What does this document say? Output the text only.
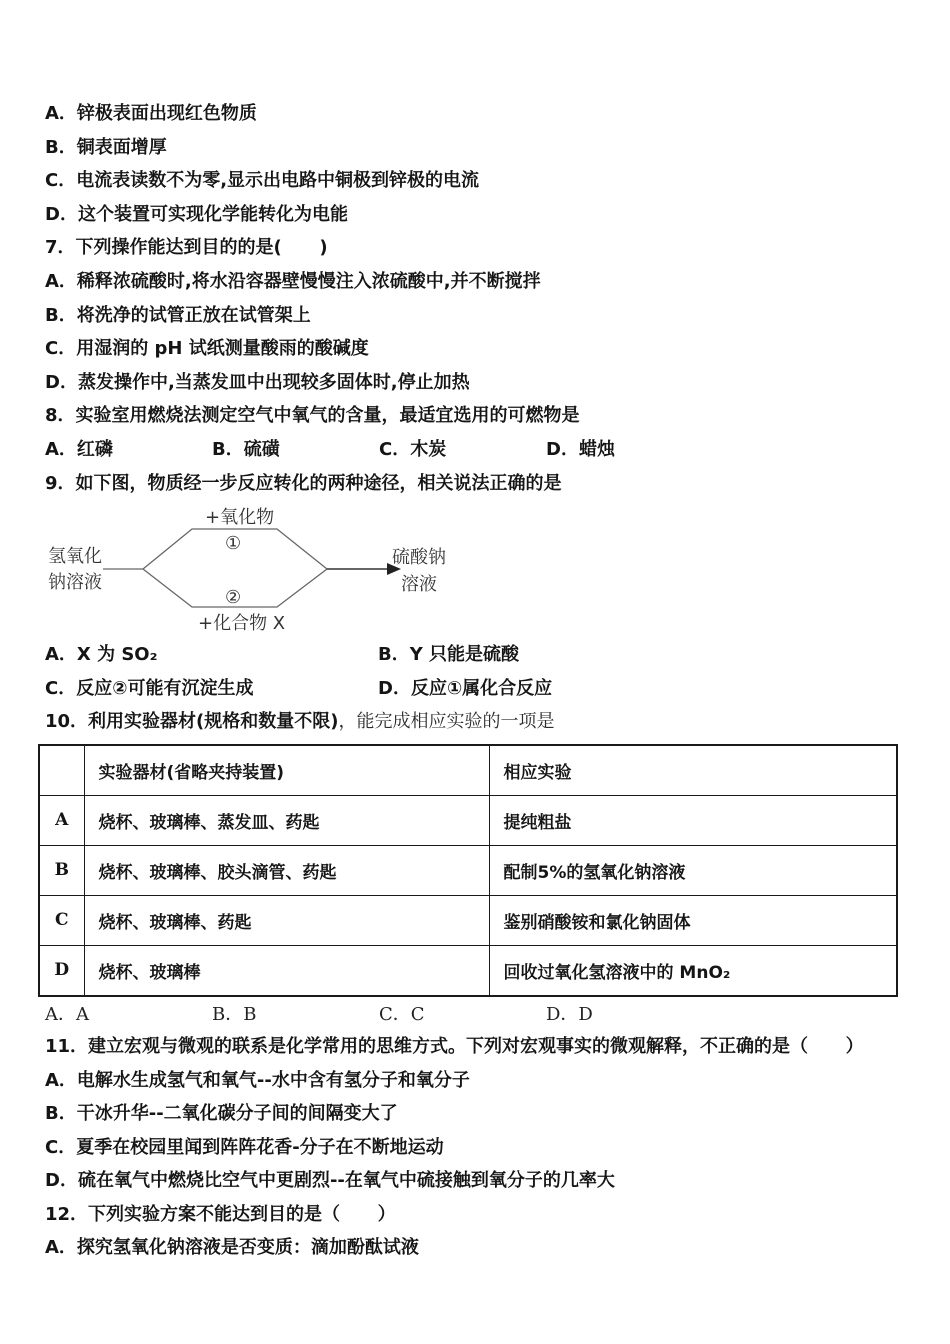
A．锌极表面出现红色物质
B．铜表面增厚
C．电流表读数不为零,显示出电路中铜极到锌极的电流
D．这个装置可实现化学能转化为电能
7．下列操作能达到目的的是(      )
A．稀释浓硫酸时,将水沿容器壁慢慢注入浓硫酸中,并不断搅拌
B．将洗净的试管正放在试管架上
C．用湿润的 pH 试纸测量酸雨的酸碱度
D．蒸发操作中,当蒸发皿中出现较多固体时,停止加热
8．实验室用燃烧法测定空气中氧气的含量，最适宜选用的可燃物是
A．红磷	B．硫磺	C．木炭	D．蜡烛
9．如下图，物质经一步反应转化的两种途径，相关说法正确的是
氢氧化
钠溶液
+氧化物
①
②
+化合物 X
硫酸钠
溶液
A．X 为 SO₂	B．Y 只能是硫酸
C．反应②可能有沉淀生成	D．反应①属化合反应
10．利用实验器材(规格和数量不限)，能完成相应实验的一项是
	实验器材(省略夹持装置)	相应实验
A	烧杯、玻璃棒、蒸发皿、药匙	提纯粗盐
B	烧杯、玻璃棒、胶头滴管、药匙	配制5%的氢氧化钠溶液
C	烧杯、玻璃棒、药匙	鉴别硝酸铵和氯化钠固体
D	烧杯、玻璃棒	回收过氧化氢溶液中的 MnO₂
A．A	B．B	C．C	D．D
11．建立宏观与微观的联系是化学常用的思维方式。下列对宏观事实的微观解释，不正确的是（      ）
A．电解水生成氢气和氧气--水中含有氢分子和氧分子
B．干冰升华--二氧化碳分子间的间隔变大了
C．夏季在校园里闻到阵阵花香-分子在不断地运动
D．硫在氧气中燃烧比空气中更剧烈--在氧气中硫接触到氧分子的几率大
12．下列实验方案不能达到目的是（      ）
A．探究氢氧化钠溶液是否变质：滴加酚酞试液
